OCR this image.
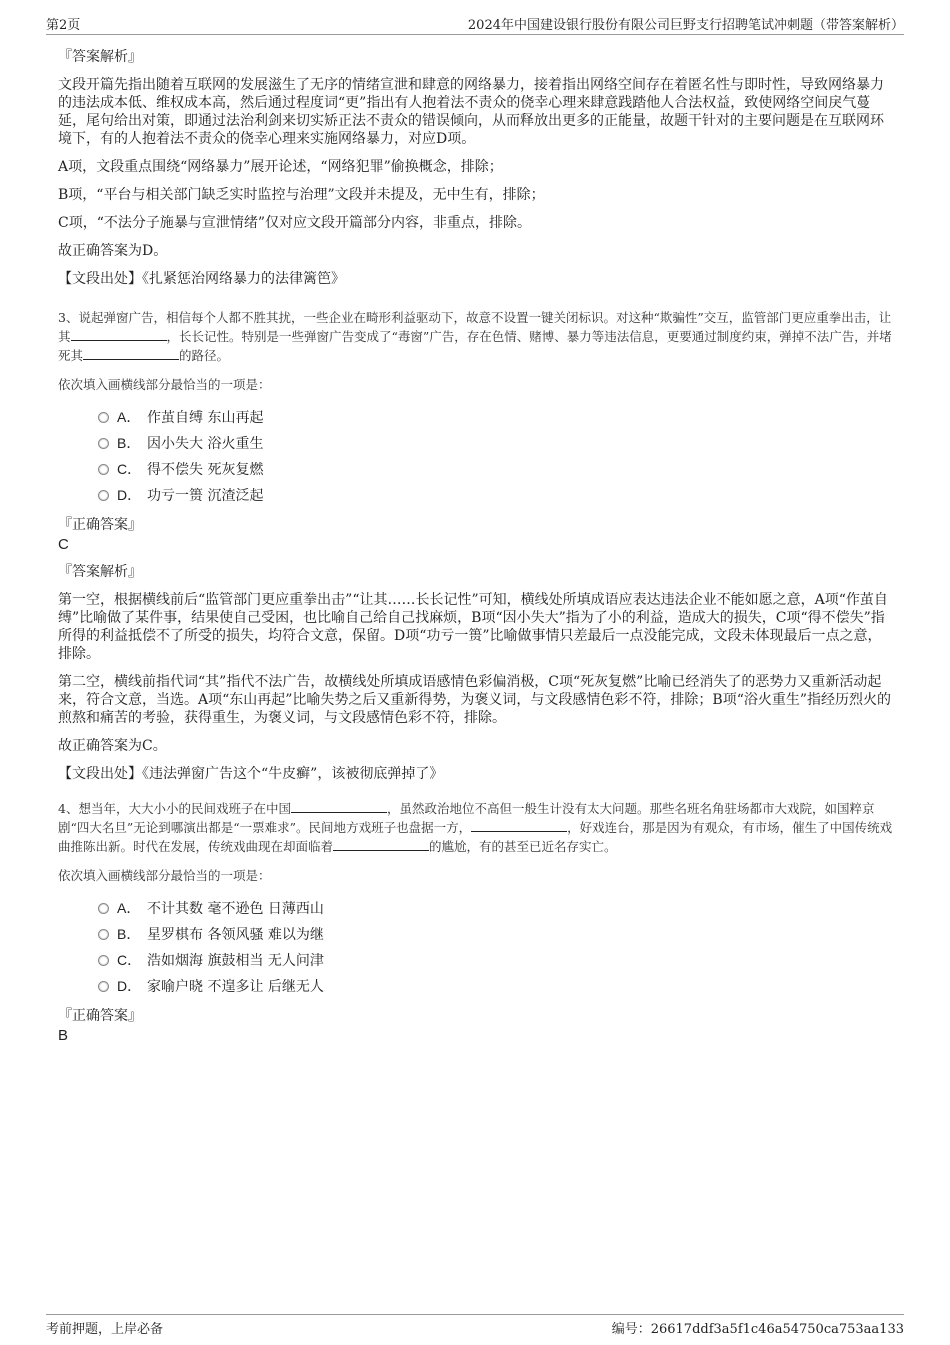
第2页	2024年中国建设银行股份有限公司巨野支行招聘笔试冲刺题（带答案解析）
『答案解析』

文段开篇先指出随着互联网的发展滋生了无序的情绪宣泄和肆意的网络暴力，接着指出网络空间存在着匿名性与即时性，导致网络暴力的违法成本低、维权成本高，然后通过程度词“更”指出有人抱着法不责众的侥幸心理来肆意践踏他人合法权益，致使网络空间戾气蔓延，尾句给出对策，即通过法治利剑来切实矫正法不责众的错误倾向，从而释放出更多的正能量，故题干针对的主要问题是在互联网环境下，有的人抱着法不责众的侥幸心理来实施网络暴力，对应D项。

A项，文段重点围绕“网络暴力”展开论述，“网络犯罪”偷换概念，排除；

B项，“平台与相关部门缺乏实时监控与治理”文段并未提及，无中生有，排除；

C项，“不法分子施暴与宣泄情绪”仅对应文段开篇部分内容，非重点，排除。

故正确答案为D。

【文段出处】《扎紧惩治网络暴力的法律篱笆》

3、说起弹窗广告，相信每个人都不胜其扰，一些企业在畸形利益驱动下，故意不设置一键关闭标识。对这种“欺骗性”交互，监管部门更应重拳出击，让其	，长长记性。特别是一些弹窗广告变成了“毒窗”广告，存在色情、赌博、暴力等违法信息，更要通过制度约束，弹掉不法广告，并堵死其	的路径。

依次填入画横线部分最恰当的一项是：

A． 作茧自缚 东山再起
B． 因小失大 浴火重生
C． 得不偿失 死灰复燃
D． 功亏一篑 沉渣泛起
『正确答案』
C
『答案解析』

第一空，根据横线前后“监管部门更应重拳出击”“让其……长长记性”可知，横线处所填成语应表达违法企业不能如愿之意，A项“作茧自缚”比喻做了某件事，结果使自己受困，也比喻自己给自己找麻烦，B项“因小失大”指为了小的利益，造成大的损失，C项“得不偿失”指所得的利益抵偿不了所受的损失，均符合文意，保留。D项“功亏一篑”比喻做事情只差最后一点没能完成，文段未体现最后一点之意，排除。

第二空，横线前指代词“其”指代不法广告，故横线处所填成语感情色彩偏消极，C项“死灰复燃”比喻已经消失了的恶势力又重新活动起来，符合文意，当选。A项“东山再起”比喻失势之后又重新得势，为褒义词，与文段感情色彩不符，排除；B项“浴火重生”指经历烈火的煎熬和痛苦的考验，获得重生，为褒义词，与文段感情色彩不符，排除。

故正确答案为C。

【文段出处】《违法弹窗广告这个“牛皮癣”，该被彻底弹掉了》

4、想当年，大大小小的民间戏班子在中国	，虽然政治地位不高但一般生计没有太大问题。那些名班名角驻场都市大戏院，如国粹京剧“四大名旦”无论到哪演出都是“一票难求”。民间地方戏班子也盘据一方，	，好戏连台，那是因为有观众，有市场，催生了中国传统戏曲推陈出新。时代在发展，传统戏曲现在却面临着	的尴尬，有的甚至已近名存实亡。

依次填入画横线部分最恰当的一项是：

A． 不计其数 毫不逊色 日薄西山
B． 星罗棋布 各领风骚 难以为继
C． 浩如烟海 旗鼓相当 无人问津
D． 家喻户晓 不遑多让 后继无人
『正确答案』
B
考前押题，上岸必备	编号：26617ddf3a5f1c46a54750ca753aa133
